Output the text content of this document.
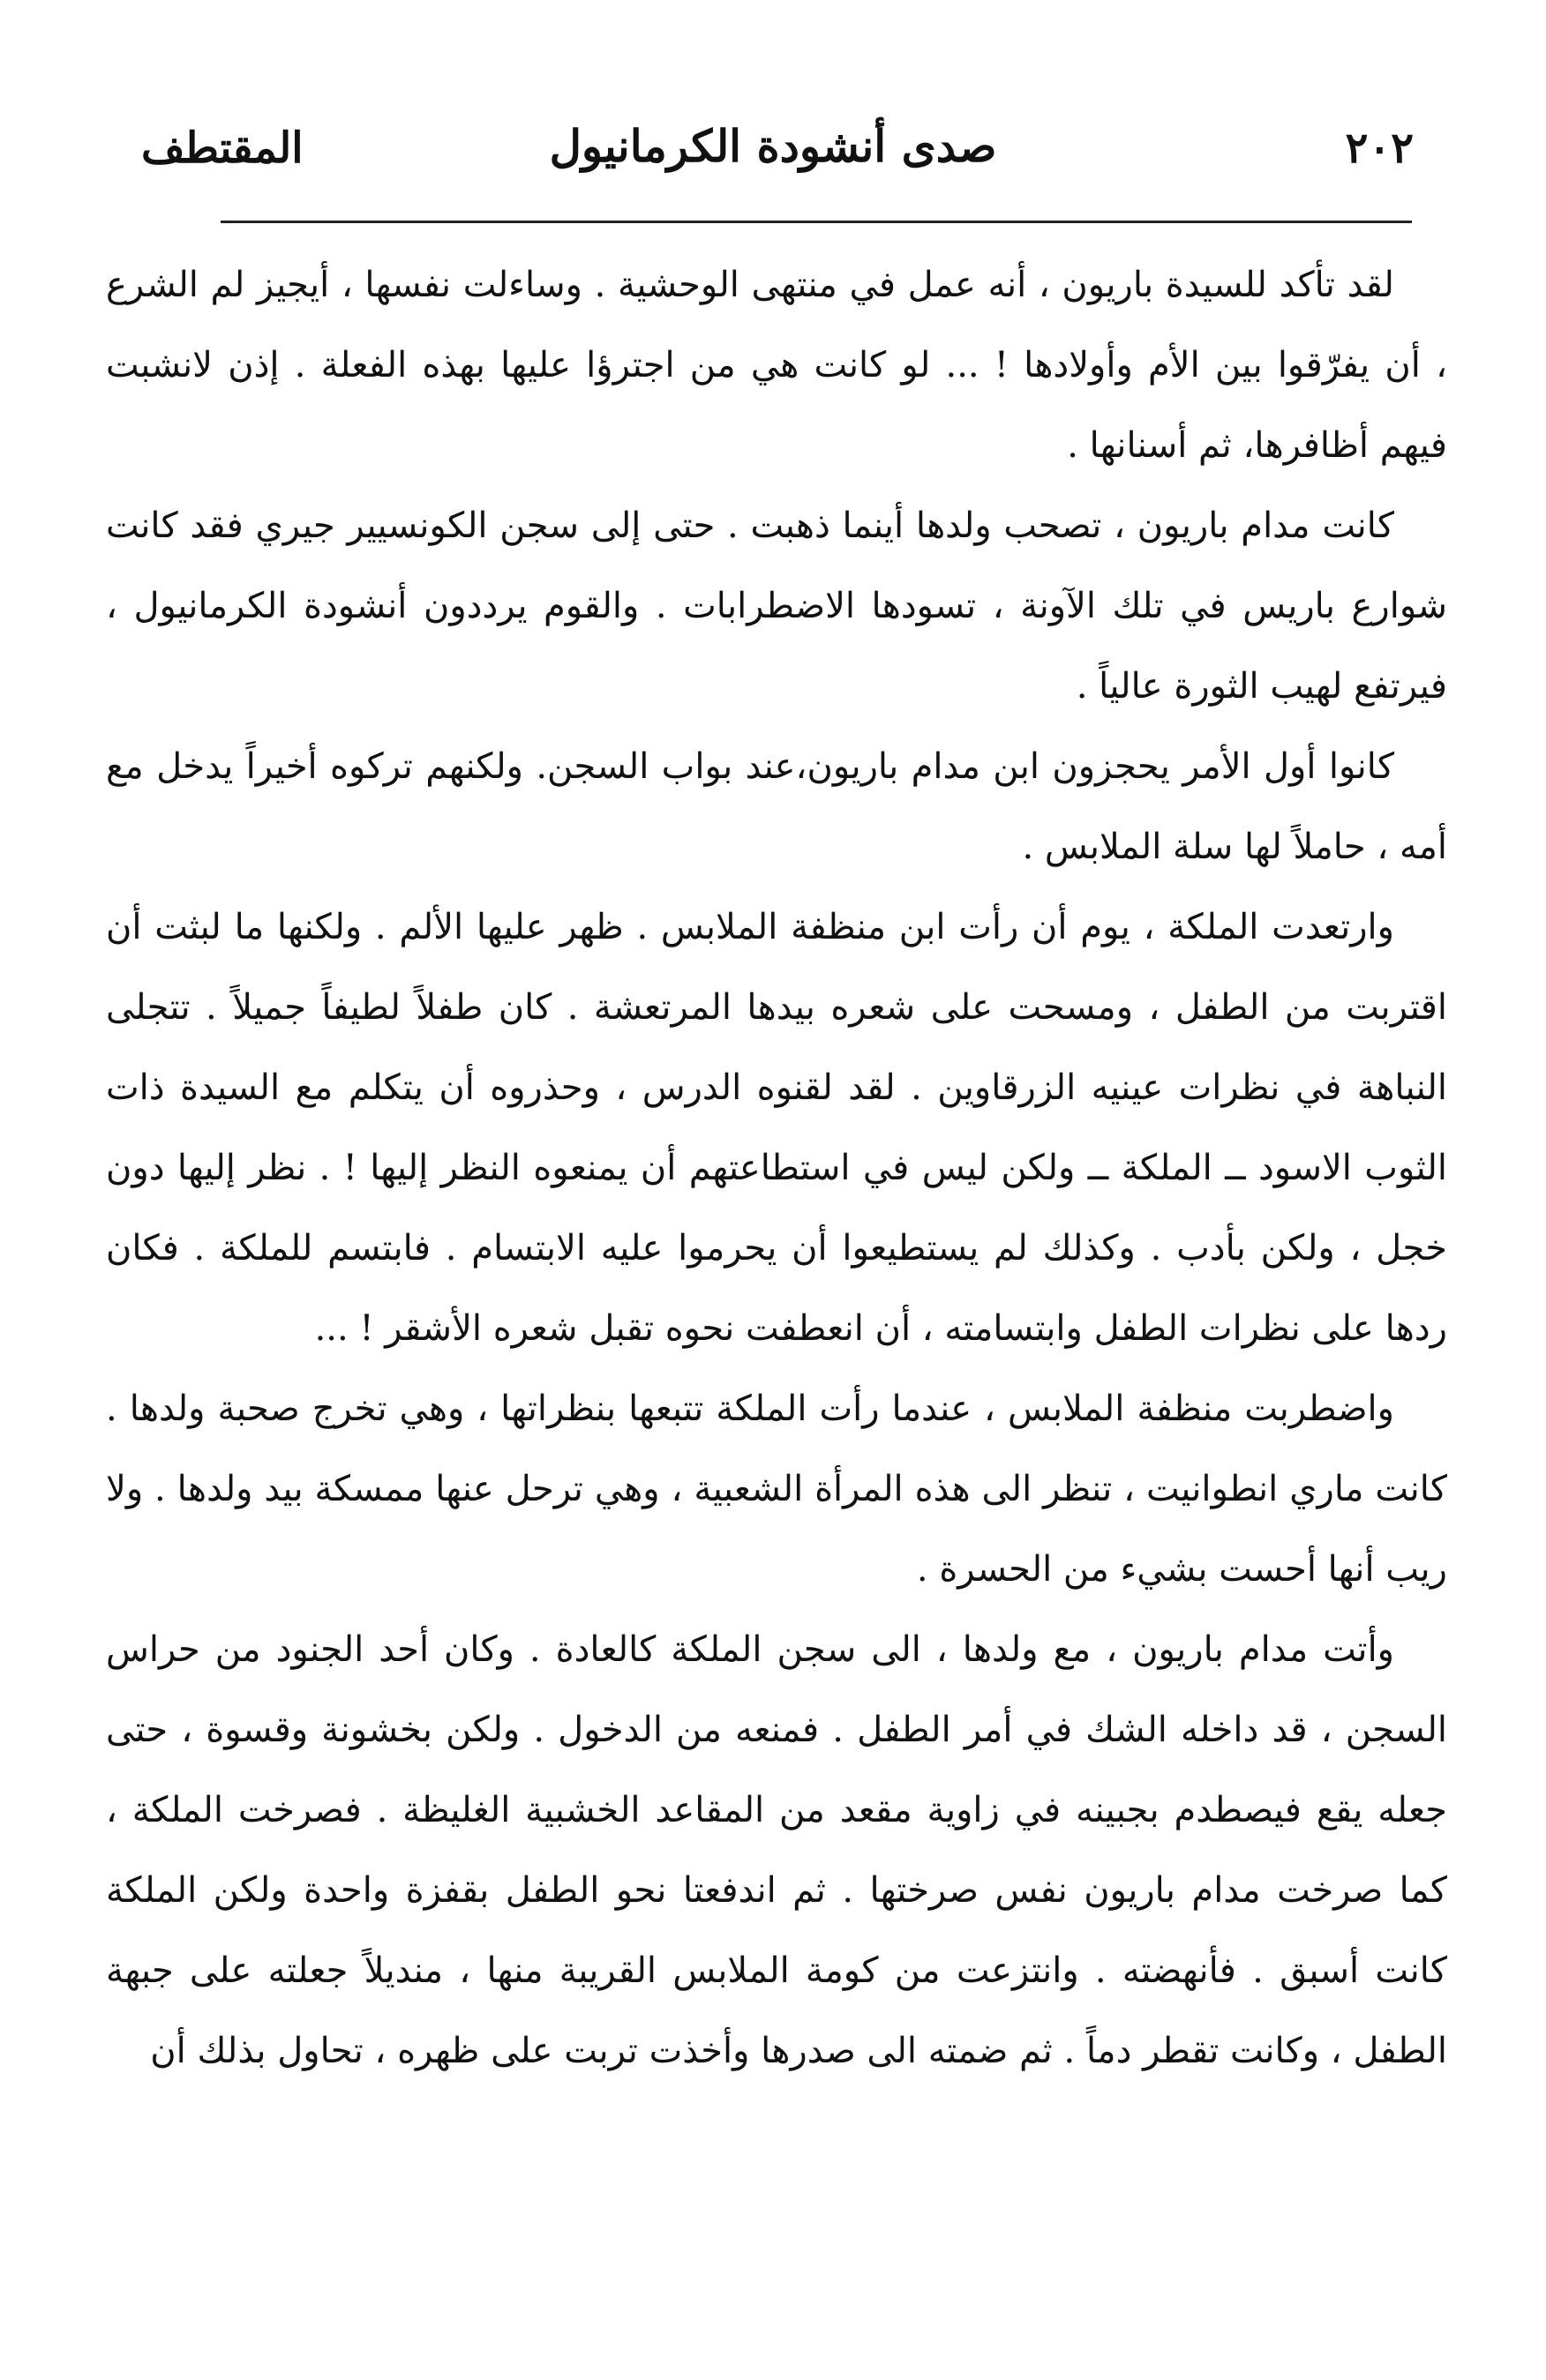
٢٠٢
صدى أنشودة الكرمانيول
المقتطف

لقد تأكد للسيدة باريون ، أنه عمل في منتهى الوحشية . وساءلت نفسها ، أيجيز لم الشرع ، أن يفرّقوا بين الأم وأولادها ! ... لو كانت هي من اجترؤا عليها بهذه الفعلة . إذن لانشبت فيهم أظافرها، ثم أسنانها .

كانت مدام باريون ، تصحب ولدها أينما ذهبت . حتى إلى سجن الكونسيير جيري فقد كانت شوارع باريس في تلك الآونة ، تسودها الاضطرابات . والقوم يرددون أنشودة الكرمانيول ، فيرتفع لهيب الثورة عالياً .

كانوا أول الأمر يحجزون ابن مدام باريون،عند بواب السجن. ولكنهم تركوه أخيراً يدخل مع أمه ، حاملاً لها سلة الملابس .

وارتعدت الملكة ، يوم أن رأت ابن منظفة الملابس . ظهر عليها الألم . ولكنها ما لبثت أن اقتربت من الطفل ، ومسحت على شعره بيدها المرتعشة . كان طفلاً لطيفاً جميلاً . تتجلى النباهة في نظرات عينيه الزرقاوين . لقد لقنوه الدرس ، وحذروه أن يتكلم مع السيدة ذات الثوب الاسود ــ الملكة ــ ولكن ليس في استطاعتهم أن يمنعوه النظر إليها ! . نظر إليها دون خجل ، ولكن بأدب . وكذلك لم يستطيعوا أن يحرموا عليه الابتسام . فابتسم للملكة . فكان ردها على نظرات الطفل وابتسامته ، أن انعطفت نحوه تقبل شعره الأشقر ! ...

واضطربت منظفة الملابس ، عندما رأت الملكة تتبعها بنظراتها ، وهي تخرج صحبة ولدها . كانت ماري انطوانيت ، تنظر الى هذه المرأة الشعبية ، وهي ترحل عنها ممسكة بيد ولدها . ولا ريب أنها أحست بشيء من الحسرة .

وأتت مدام باريون ، مع ولدها ، الى سجن الملكة كالعادة . وكان أحد الجنود من حراس السجن ، قد داخله الشك في أمر الطفل . فمنعه من الدخول . ولكن بخشونة وقسوة ، حتى جعله يقع فيصطدم بجبينه في زاوية مقعد من المقاعد الخشبية الغليظة . فصرخت الملكة ، كما صرخت مدام باريون نفس صرختها . ثم اندفعتا نحو الطفل بقفزة واحدة ولكن الملكة كانت أسبق . فأنهضته . وانتزعت من كومة الملابس القريبة منها ، منديلاً جعلته على جبهة الطفل ، وكانت تقطر دماً . ثم ضمته الى صدرها وأخذت تربت على ظهره ، تحاول بذلك أن
